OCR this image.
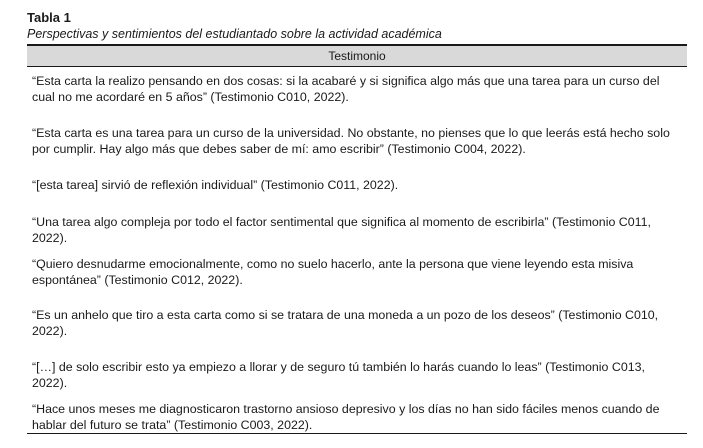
Tabla 1

Perspectivas y sentimientos del estudiantado sobre la actividad académica

Testimonio

“Esta carta la realizo pensando en dos cosas: si la acabaré y si significa algo más que una tarea para un curso del cual no me acordaré en 5 años” (Testimonio C010, 2022).

“Esta carta es una tarea para un curso de la universidad. No obstante, no pienses que lo que leerás está hecho solo por cumplir. Hay algo más que debes saber de mí: amo escribir” (Testimonio C004, 2022).

“[esta tarea] sirvió de reflexión individual” (Testimonio C011, 2022).

“Una tarea algo compleja por todo el factor sentimental que significa al momento de escribirla” (Testimonio C011, 2022).

“Quiero desnudarme emocionalmente, como no suelo hacerlo, ante la persona que viene leyendo esta misiva espontánea” (Testimonio C012, 2022).

“Es un anhelo que tiro a esta carta como si se tratara de una moneda a un pozo de los deseos” (Testimonio C010, 2022).

“[…] de solo escribir esto ya empiezo a llorar y de seguro tú también lo harás cuando lo leas” (Testimonio C013, 2022).

“Hace unos meses me diagnosticaron trastorno ansioso depresivo y los días no han sido fáciles menos cuando de hablar del futuro se trata” (Testimonio C003, 2022).
